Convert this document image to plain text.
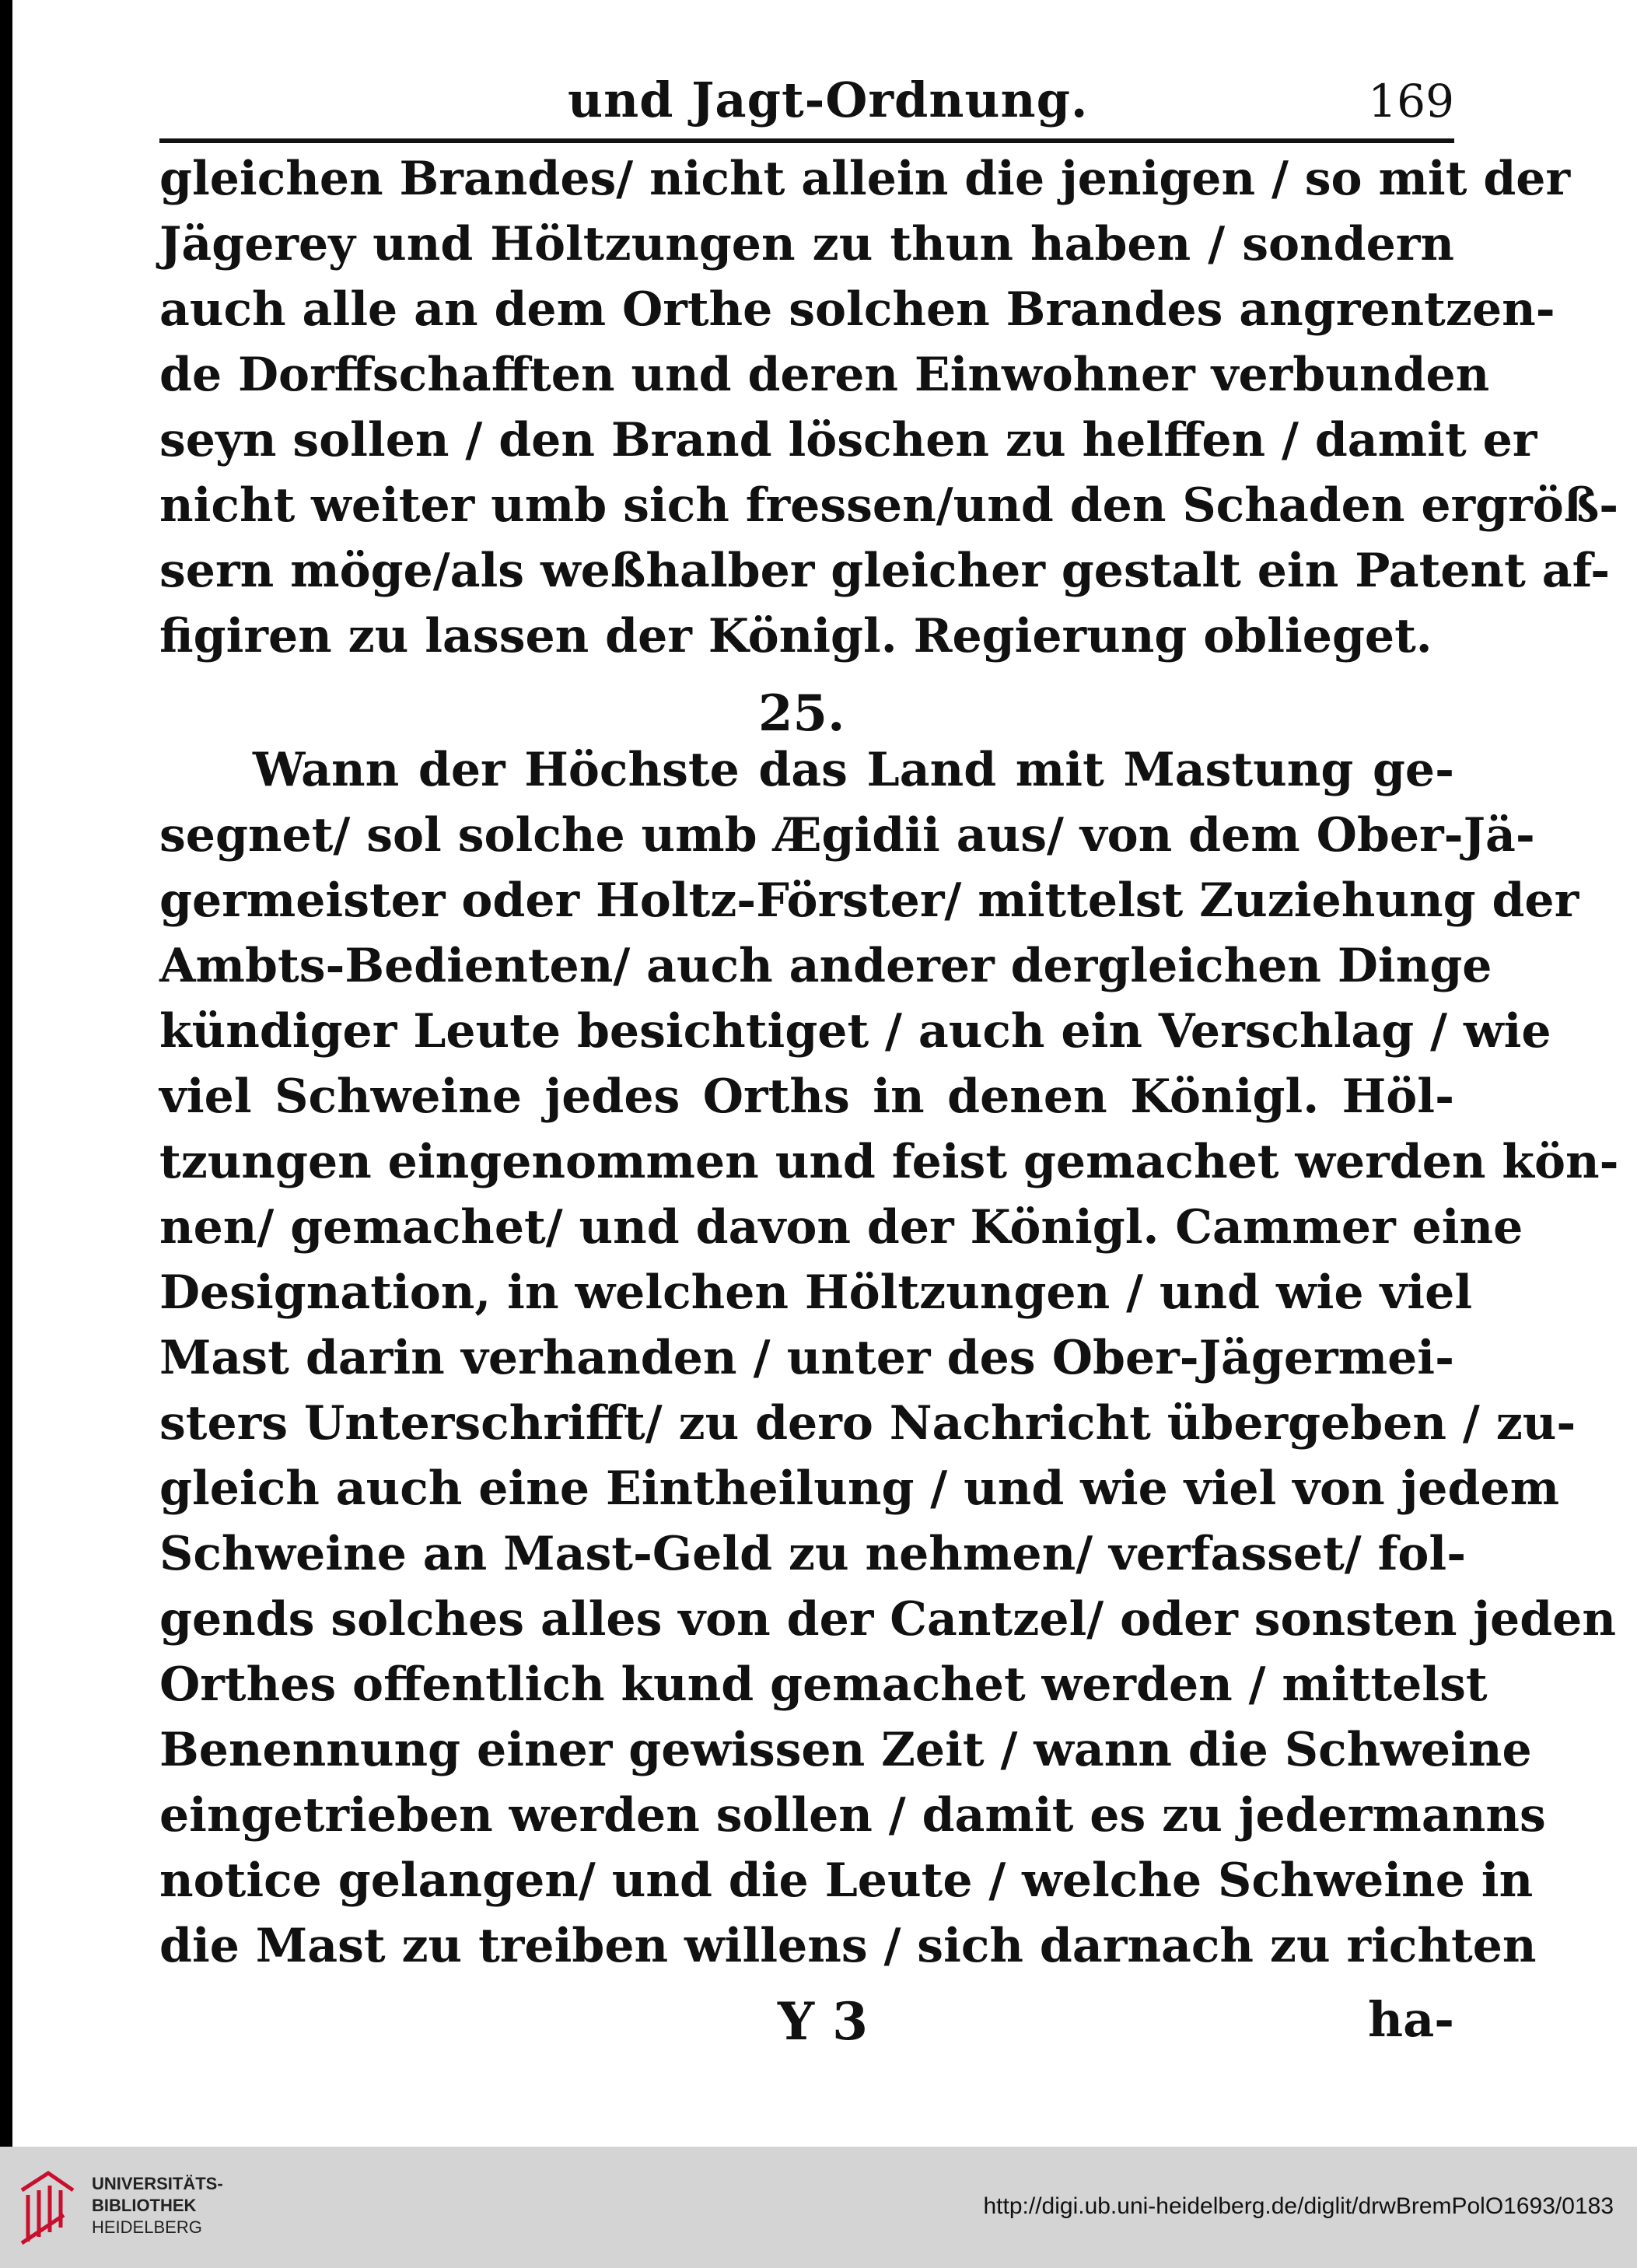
und Jagt-Ordnung.	169
gleichen Brandes/ nicht allein die jenigen / so mit der
Jägerey und Höltzungen zu thun haben / sondern
auch alle an dem Orthe solchen Brandes angrentzen-
de Dorffschafften und deren Einwohner verbunden
seyn sollen / den Brand löschen zu helffen / damit er
nicht weiter umb sich fressen/und den Schaden ergröß-
sern möge/als weßhalber gleicher gestalt ein Patent af-
figiren zu lassen der Königl. Regierung oblieget.
25.
Wann der Höchste das Land mit Mastung ge-
segnet/ sol solche umb Ægidii aus/ von dem Ober-Jä-
germeister oder Holtz-Förster/ mittelst Zuziehung der
Ambts-Bedienten/ auch anderer dergleichen Dinge
kündiger Leute besichtiget / auch ein Verschlag / wie
viel Schweine jedes Orths in denen Königl. Höl-
tzungen eingenommen und feist gemachet werden kön-
nen/ gemachet/ und davon der Königl. Cammer eine
Designation, in welchen Höltzungen / und wie viel
Mast darin verhanden / unter des Ober-Jägermei-
sters Unterschrifft/ zu dero Nachricht übergeben / zu-
gleich auch eine Eintheilung / und wie viel von jedem
Schweine an Mast-Geld zu nehmen/ verfasset/ fol-
gends solches alles von der Cantzel/ oder sonsten jeden
Orthes offentlich kund gemachet werden / mittelst
Benennung einer gewissen Zeit / wann die Schweine
eingetrieben werden sollen / damit es zu jedermanns
notice gelangen/ und die Leute / welche Schweine in
die Mast zu treiben willens / sich darnach zu richten
Y 3	ha-
UNIVERSITÄTS-
BIBLIOTHEK
HEIDELBERG
http://digi.ub.uni-heidelberg.de/diglit/drwBremPolO1693/0183
